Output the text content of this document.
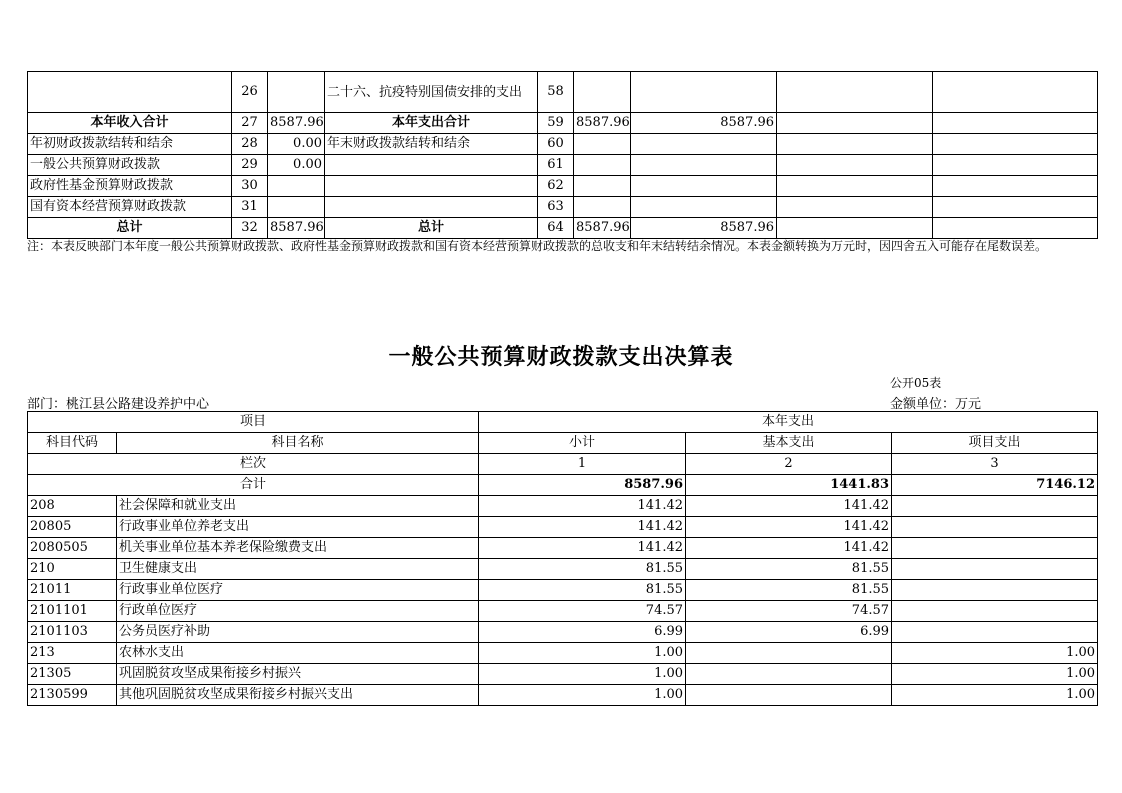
	26		二十六、抗疫特别国债安排的支出	58				
本年收入合计	27	8587.96	本年支出合计	59	8587.96	8587.96		
年初财政拨款结转和结余	28	0.00	年末财政拨款结转和结余	60				
一般公共预算财政拨款	29	0.00		61				
政府性基金预算财政拨款	30			62				
国有资本经营预算财政拨款	31			63				
总计	32	8587.96	总计	64	8587.96	8587.96		
注：本表反映部门本年度一般公共预算财政拨款、政府性基金预算财政拨款和国有资本经营预算财政拨款的总收支和年末结转结余情况。本表金额转换为万元时，因四舍五入可能存在尾数误差。
一般公共预算财政拨款支出决算表
公开05表
部门：桃江县公路建设养护中心	金额单位：万元
项目		本年支出		
科目代码	科目名称	小计	基本支出	项目支出
栏次		1	2	3
合计		8587.96	1441.83	7146.12
208	社会保障和就业支出	141.42	141.42	
20805	行政事业单位养老支出	141.42	141.42	
2080505	机关事业单位基本养老保险缴费支出	141.42	141.42	
210	卫生健康支出	81.55	81.55	
21011	行政事业单位医疗	81.55	81.55	
2101101	行政单位医疗	74.57	74.57	
2101103	公务员医疗补助	6.99	6.99	
213	农林水支出	1.00		1.00
21305	巩固脱贫攻坚成果衔接乡村振兴	1.00		1.00
2130599	其他巩固脱贫攻坚成果衔接乡村振兴支出	1.00		1.00
